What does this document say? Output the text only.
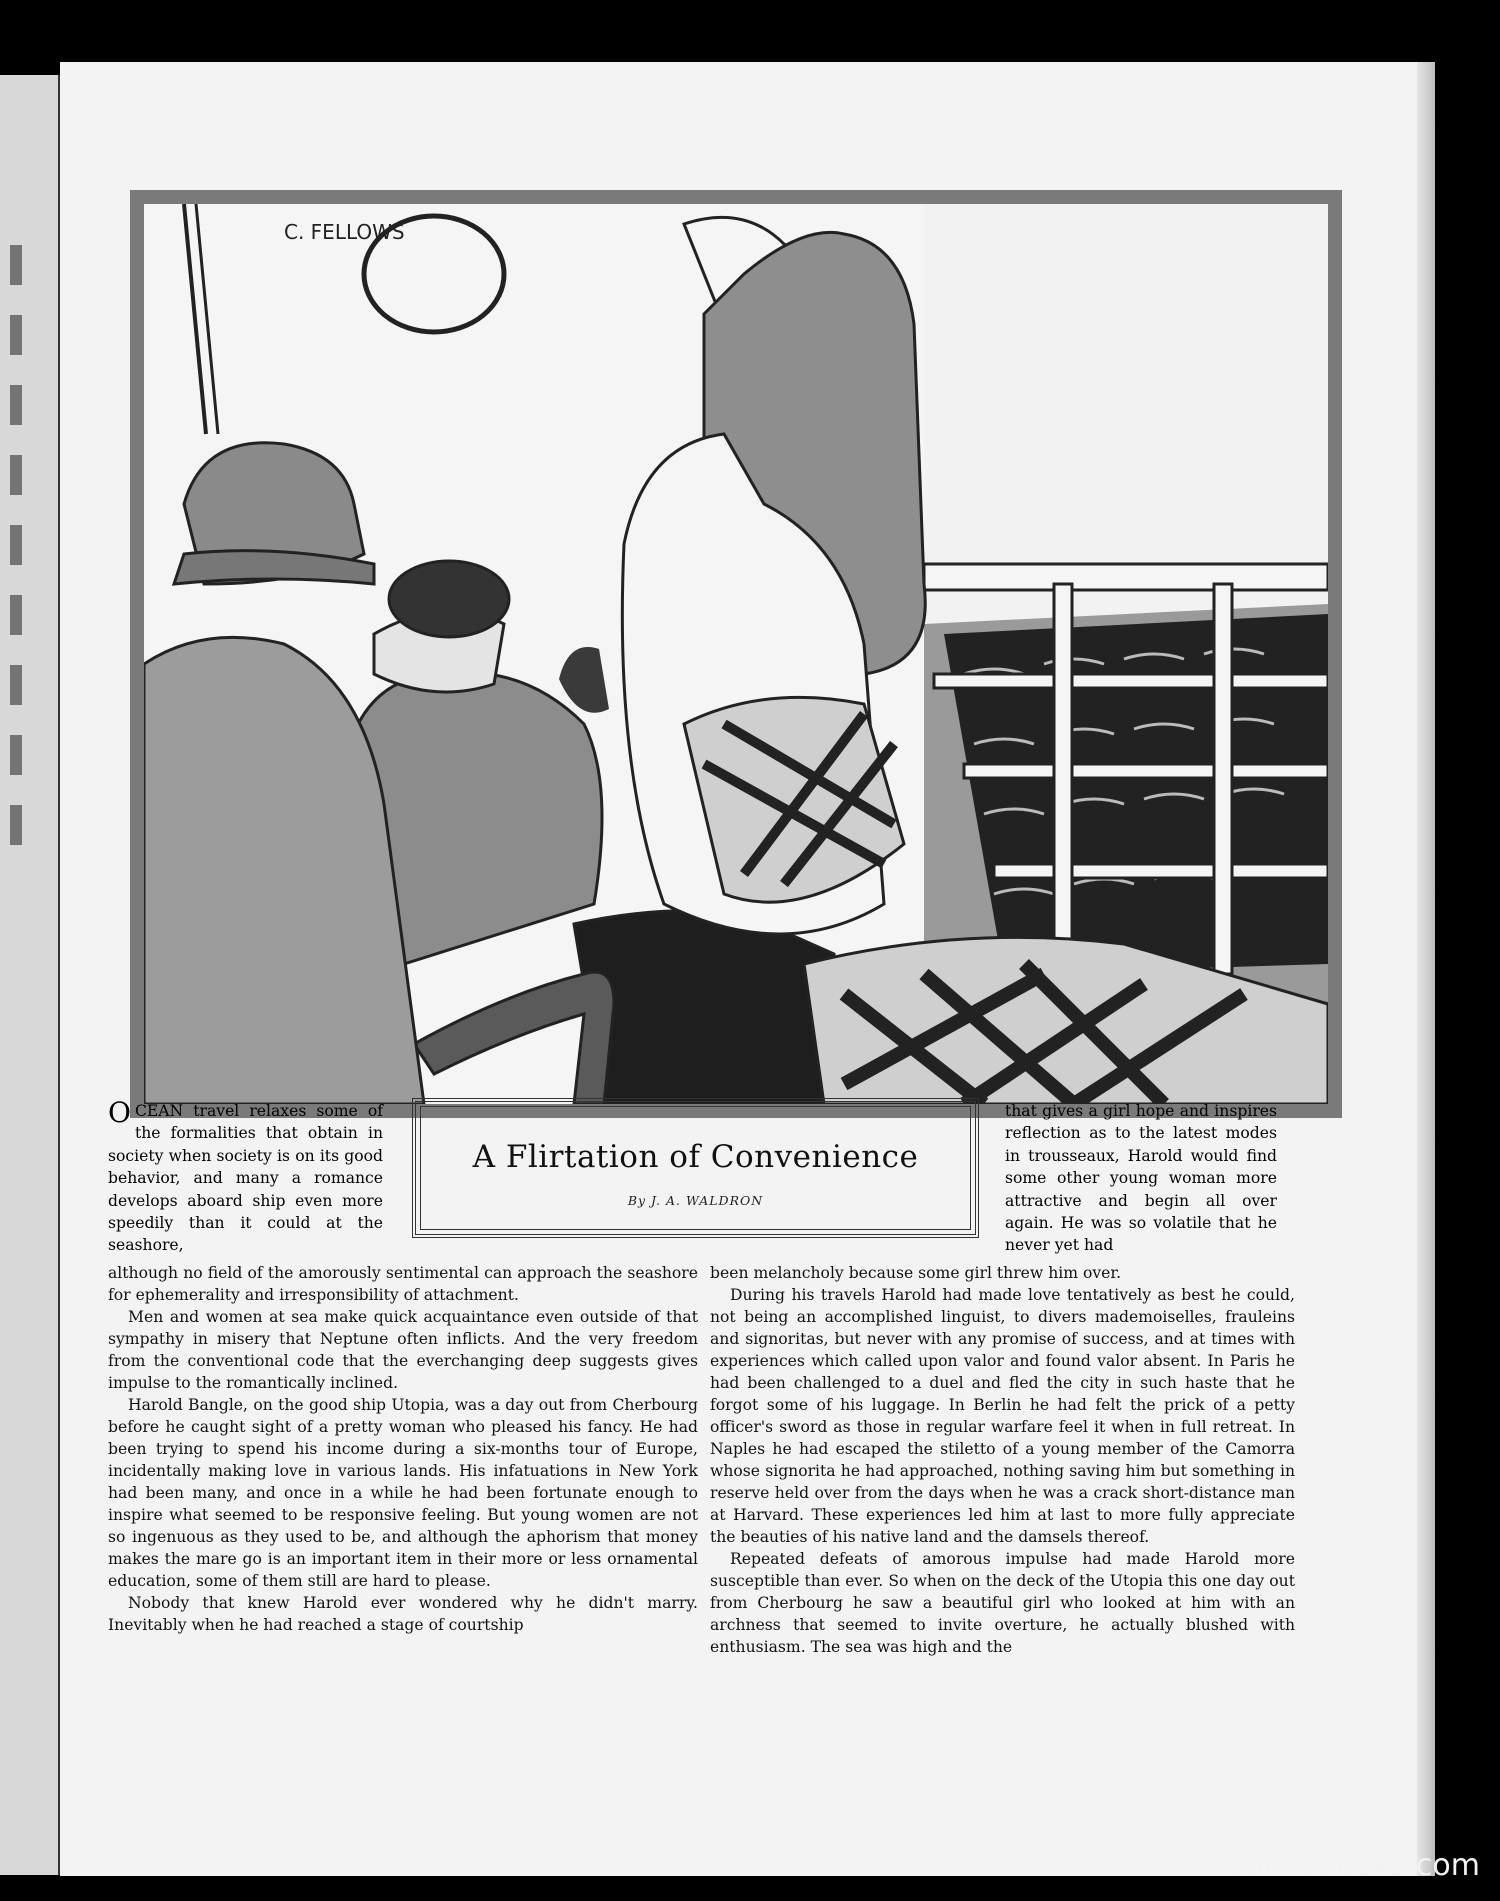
C. FELLOWS
OCEAN travel relaxes some of the formalities that obtain in society when society is on its good behavior, and many a romance develops aboard ship even more speedily than it could at the seashore,
A Flirtation of Convenience
By J. A. WALDRON
that gives a girl hope and inspires reflection as to the latest modes in trousseaux, Harold would find some other young woman more attractive and begin all over again. He was so volatile that he never yet had

although no field of the amorously sentimental can approach the seashore for ephemerality and irresponsibility of attachment.

Men and women at sea make quick acquaintance even outside of that sympathy in misery that Neptune often inflicts. And the very freedom from the conventional code that the everchanging deep suggests gives impulse to the romantically inclined.

Harold Bangle, on the good ship Utopia, was a day out from Cherbourg before he caught sight of a pretty woman who pleased his fancy. He had been trying to spend his income during a six-months tour of Europe, incidentally making love in various lands. His infatuations in New York had been many, and once in a while he had been fortunate enough to inspire what seemed to be responsive feeling. But young women are not so ingenuous as they used to be, and although the aphorism that money makes the mare go is an important item in their more or less ornamental education, some of them still are hard to please.

Nobody that knew Harold ever wondered why he didn't marry. Inevitably when he had reached a stage of courtship

been melancholy because some girl threw him over.

During his travels Harold had made love tentatively as best he could, not being an accomplished linguist, to divers mademoiselles, frauleins and signoritas, but never with any promise of success, and at times with experiences which called upon valor and found valor absent. In Paris he had been challenged to a duel and fled the city in such haste that he forgot some of his luggage. In Berlin he had felt the prick of a petty officer's sword as those in regular warfare feel it when in full retreat. In Naples he had escaped the stiletto of a young member of the Camorra whose signorita he had approached, nothing saving him but something in reserve held over from the days when he was a crack short-distance man at Harvard. These experiences led him at last to more fully appreciate the beauties of his native land and the damsels thereof.

Repeated defeats of amorous impulse had made Harold more susceptible than ever. So when on the deck of the Utopia this one day out from Cherbourg he saw a beautiful girl who looked at him with an archness that seemed to invite overture, he actually blushed with enthusiasm. The sea was high and the

comicbooks.com
